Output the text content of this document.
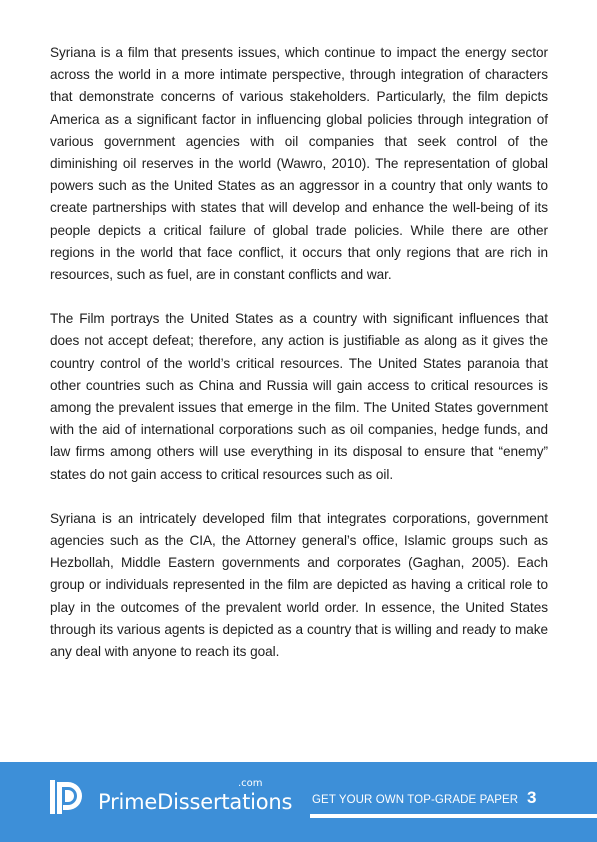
Syriana is a film that presents issues, which continue to impact the energy sector across the world in a more intimate perspective, through integration of characters that demonstrate concerns of various stakeholders. Particularly, the film depicts America as a significant factor in influencing global policies through integration of various government agencies with oil companies that seek control of the diminishing oil reserves in the world (Wawro, 2010). The representation of global powers such as the United States as an aggressor in a country that only wants to create partnerships with states that will develop and enhance the well-being of its people depicts a critical failure of global trade policies. While there are other regions in the world that face conflict, it occurs that only regions that are rich in resources, such as fuel, are in constant conflicts and war.

The Film portrays the United States as a country with significant influences that does not accept defeat; therefore, any action is justifiable as along as it gives the country control of the world’s critical resources. The United States paranoia that other countries such as China and Russia will gain access to critical resources is among the prevalent issues that emerge in the film. The United States government with the aid of international corporations such as oil companies, hedge funds, and law firms among others will use everything in its disposal to ensure that “enemy” states do not gain access to critical resources such as oil.

Syriana is an intricately developed film that integrates corporations, government agencies such as the CIA, the Attorney general’s office, Islamic groups such as Hezbollah, Middle Eastern governments and corporates (Gaghan, 2005). Each group or individuals represented in the film are depicted as having a critical role to play in the outcomes of the prevalent world order. In essence, the United States through its various agents is depicted as a country that is willing and ready to make any deal with anyone to reach its goal.

PrimeDissertations
.com
GET YOUR OWN TOP-GRADE PAPER 3
